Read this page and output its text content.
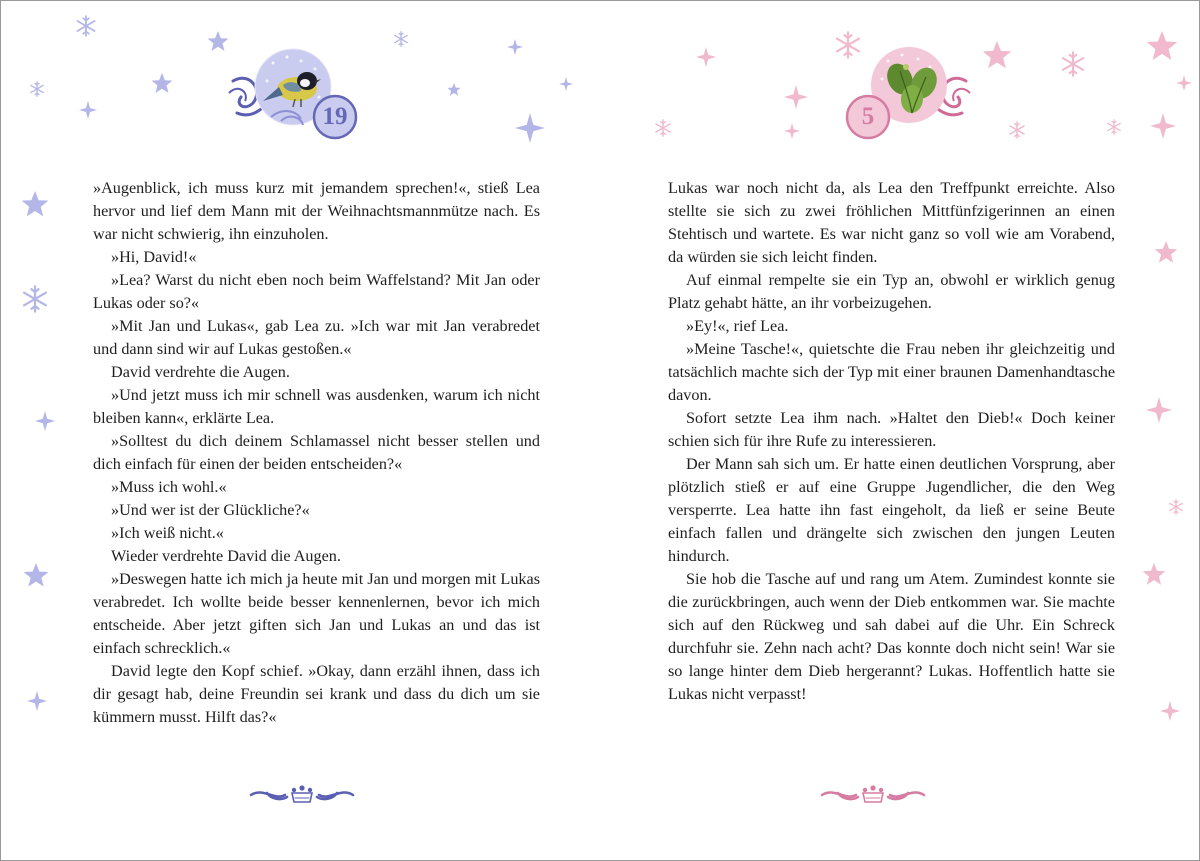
19

»Augenblick, ich muss kurz mit jemandem sprechen!«, stieß Lea hervor und lief dem Mann mit der Weihnachtsmannmütze nach. Es war nicht schwierig, ihn einzuholen.

»Hi, David!«

»Lea? Warst du nicht eben noch beim Waffelstand? Mit Jan oder Lukas oder so?«

»Mit Jan und Lukas«, gab Lea zu. »Ich war mit Jan verabredet und dann sind wir auf Lukas gestoßen.«

David verdrehte die Augen.

»Und jetzt muss ich mir schnell was ausdenken, warum ich nicht bleiben kann«, erklärte Lea.

»Solltest du dich deinem Schlamassel nicht besser stellen und dich einfach für einen der beiden entscheiden?«

»Muss ich wohl.«

»Und wer ist der Glückliche?«

»Ich weiß nicht.«

Wieder verdrehte David die Augen.

»Deswegen hatte ich mich ja heute mit Jan und morgen mit Lukas verabredet. Ich wollte beide besser kennenlernen, bevor ich mich entscheide. Aber jetzt giften sich Jan und Lukas an und das ist einfach schrecklich.«

David legte den Kopf schief. »Okay, dann erzähl ihnen, dass ich dir gesagt hab, deine Freundin sei krank und dass du dich um sie kümmern musst. Hilft das?«

5

Lukas war noch nicht da, als Lea den Treffpunkt erreichte. Also stellte sie sich zu zwei fröhlichen Mittfünfzigerinnen an einen Stehtisch und wartete. Es war nicht ganz so voll wie am Vorabend, da würden sie sich leicht finden.

Auf einmal rempelte sie ein Typ an, obwohl er wirklich genug Platz gehabt hätte, an ihr vorbeizugehen.

»Ey!«, rief Lea.

»Meine Tasche!«, quietschte die Frau neben ihr gleichzeitig und tatsächlich machte sich der Typ mit einer braunen Damenhandtasche davon.

Sofort setzte Lea ihm nach. »Haltet den Dieb!« Doch keiner schien sich für ihre Rufe zu interessieren.

Der Mann sah sich um. Er hatte einen deutlichen Vorsprung, aber plötzlich stieß er auf eine Gruppe Jugendlicher, die den Weg versperrte. Lea hatte ihn fast eingeholt, da ließ er seine Beute einfach fallen und drängelte sich zwischen den jungen Leuten hindurch.

Sie hob die Tasche auf und rang um Atem. Zumindest konnte sie die zurückbringen, auch wenn der Dieb entkommen war. Sie machte sich auf den Rückweg und sah dabei auf die Uhr. Ein Schreck durchfuhr sie. Zehn nach acht? Das konnte doch nicht sein! War sie so lange hinter dem Dieb hergerannt? Lukas. Hoffentlich hatte sie Lukas nicht verpasst!
